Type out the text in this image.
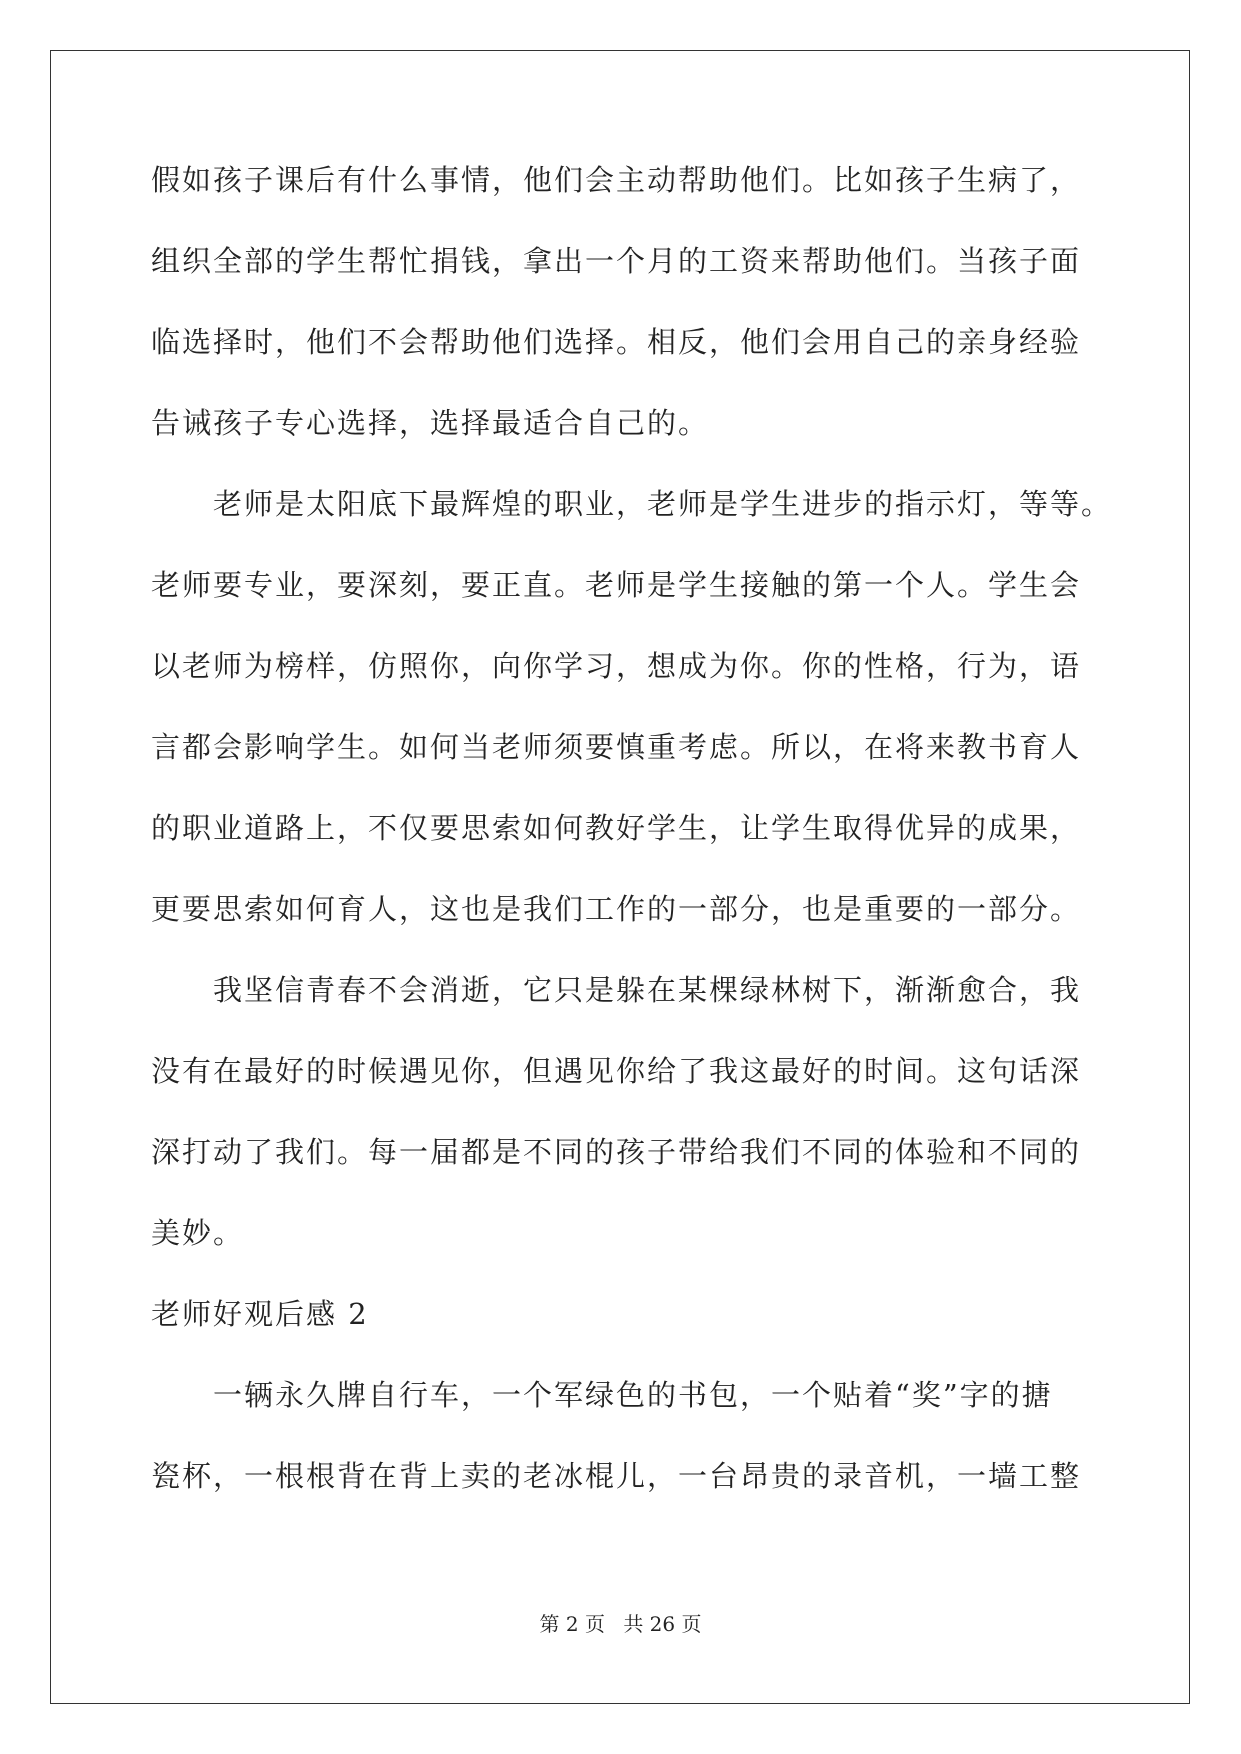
假如孩子课后有什么事情，他们会主动帮助他们。比如孩子生病了，
组织全部的学生帮忙捐钱，拿出一个月的工资来帮助他们。当孩子面
临选择时，他们不会帮助他们选择。相反，他们会用自己的亲身经验
告诫孩子专心选择，选择最适合自己的。
　　老师是太阳底下最辉煌的职业，老师是学生进步的指示灯，等等。
老师要专业，要深刻，要正直。老师是学生接触的第一个人。学生会
以老师为榜样，仿照你，向你学习，想成为你。你的性格，行为，语
言都会影响学生。如何当老师须要慎重考虑。所以，在将来教书育人
的职业道路上，不仅要思索如何教好学生，让学生取得优异的成果，
更要思索如何育人，这也是我们工作的一部分，也是重要的一部分。
　　我坚信青春不会消逝，它只是躲在某棵绿林树下，渐渐愈合，我
没有在最好的时候遇见你，但遇见你给了我这最好的时间。这句话深
深打动了我们。每一届都是不同的孩子带给我们不同的体验和不同的
美妙。
老师好观后感 2
　　一辆永久牌自行车，一个军绿色的书包，一个贴着“奖”字的搪
瓷杯，一根根背在背上卖的老冰棍儿，一台昂贵的录音机，一墙工整
第 2 页 共 26 页
